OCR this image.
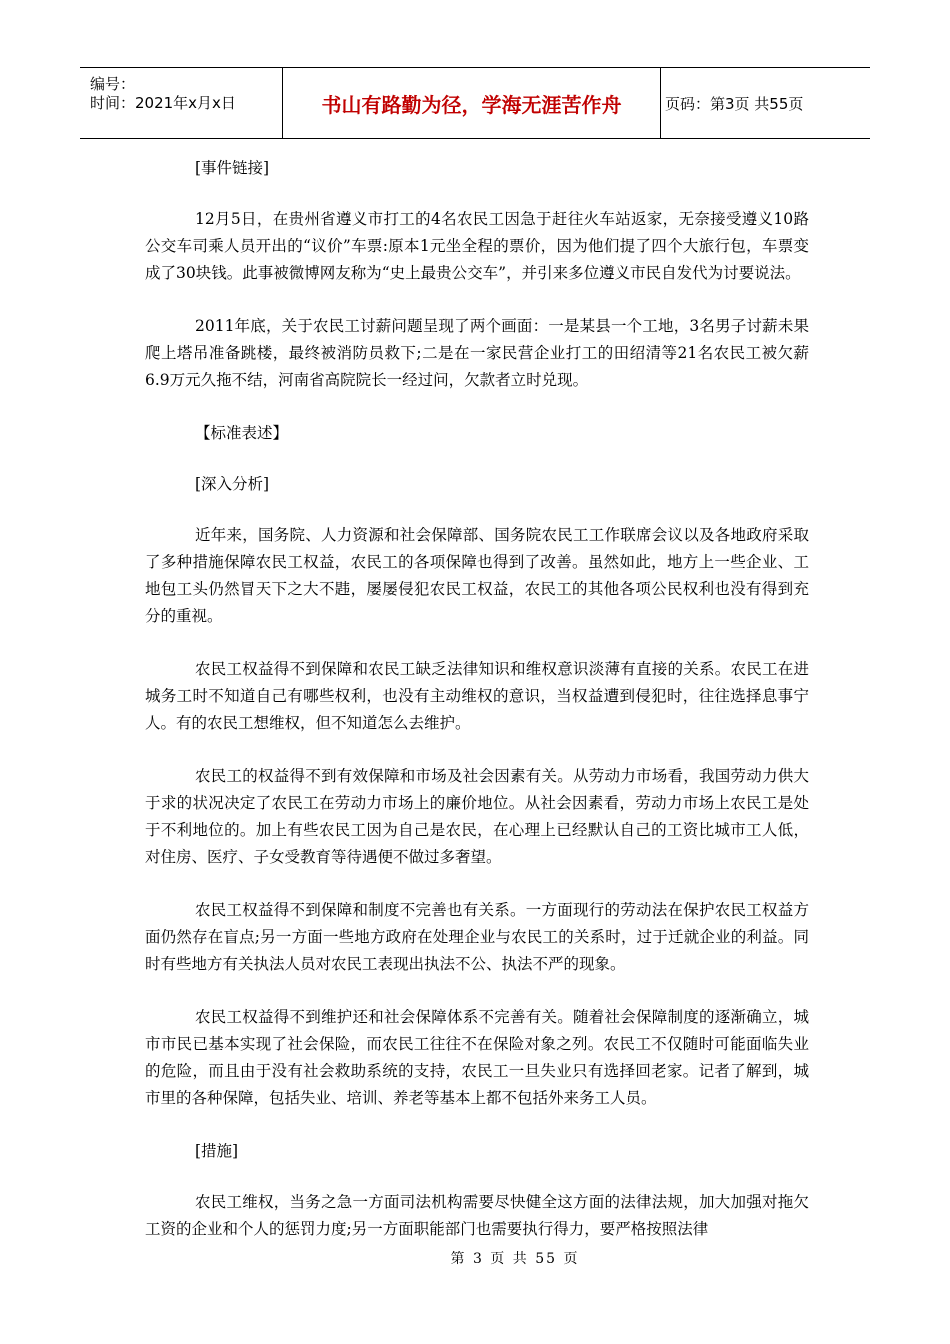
编号：
时间：2021年x月x日	书山有路勤为径，学海无涯苦作舟	页码：第3页 共55页
[事件链接]
12月5日，在贵州省遵义市打工的4名农民工因急于赶往火车站返家，无奈接受遵义10路公交车司乘人员开出的“议价”车票:原本1元坐全程的票价，因为他们提了四个大旅行包，车票变成了30块钱。此事被微博网友称为“史上最贵公交车”，并引来多位遵义市民自发代为讨要说法。
2011年底，关于农民工讨薪问题呈现了两个画面：一是某县一个工地，3名男子讨薪未果爬上塔吊准备跳楼，最终被消防员救下;二是在一家民营企业打工的田绍清等21名农民工被欠薪6.9万元久拖不结，河南省高院院长一经过问，欠款者立时兑现。
【标准表述】
[深入分析]
近年来，国务院、人力资源和社会保障部、国务院农民工工作联席会议以及各地政府采取了多种措施保障农民工权益，农民工的各项保障也得到了改善。虽然如此，地方上一些企业、工地包工头仍然冒天下之大不韪，屡屡侵犯农民工权益，农民工的其他各项公民权利也没有得到充分的重视。
农民工权益得不到保障和农民工缺乏法律知识和维权意识淡薄有直接的关系。农民工在进城务工时不知道自己有哪些权利，也没有主动维权的意识，当权益遭到侵犯时，往往选择息事宁人。有的农民工想维权，但不知道怎么去维护。
农民工的权益得不到有效保障和市场及社会因素有关。从劳动力市场看，我国劳动力供大于求的状况决定了农民工在劳动力市场上的廉价地位。从社会因素看，劳动力市场上农民工是处于不利地位的。加上有些农民工因为自己是农民，在心理上已经默认自己的工资比城市工人低，对住房、医疗、子女受教育等待遇便不做过多奢望。
农民工权益得不到保障和制度不完善也有关系。一方面现行的劳动法在保护农民工权益方面仍然存在盲点;另一方面一些地方政府在处理企业与农民工的关系时，过于迁就企业的利益。同时有些地方有关执法人员对农民工表现出执法不公、执法不严的现象。
农民工权益得不到维护还和社会保障体系不完善有关。随着社会保障制度的逐渐确立，城市市民已基本实现了社会保险，而农民工往往不在保险对象之列。农民工不仅随时可能面临失业的危险，而且由于没有社会救助系统的支持，农民工一旦失业只有选择回老家。记者了解到，城市里的各种保障，包括失业、培训、养老等基本上都不包括外来务工人员。
[措施]
农民工维权，当务之急一方面司法机构需要尽快健全这方面的法律法规，加大加强对拖欠工资的企业和个人的惩罚力度;另一方面职能部门也需要执行得力，要严格按照法律
第 3 页 共 55 页
